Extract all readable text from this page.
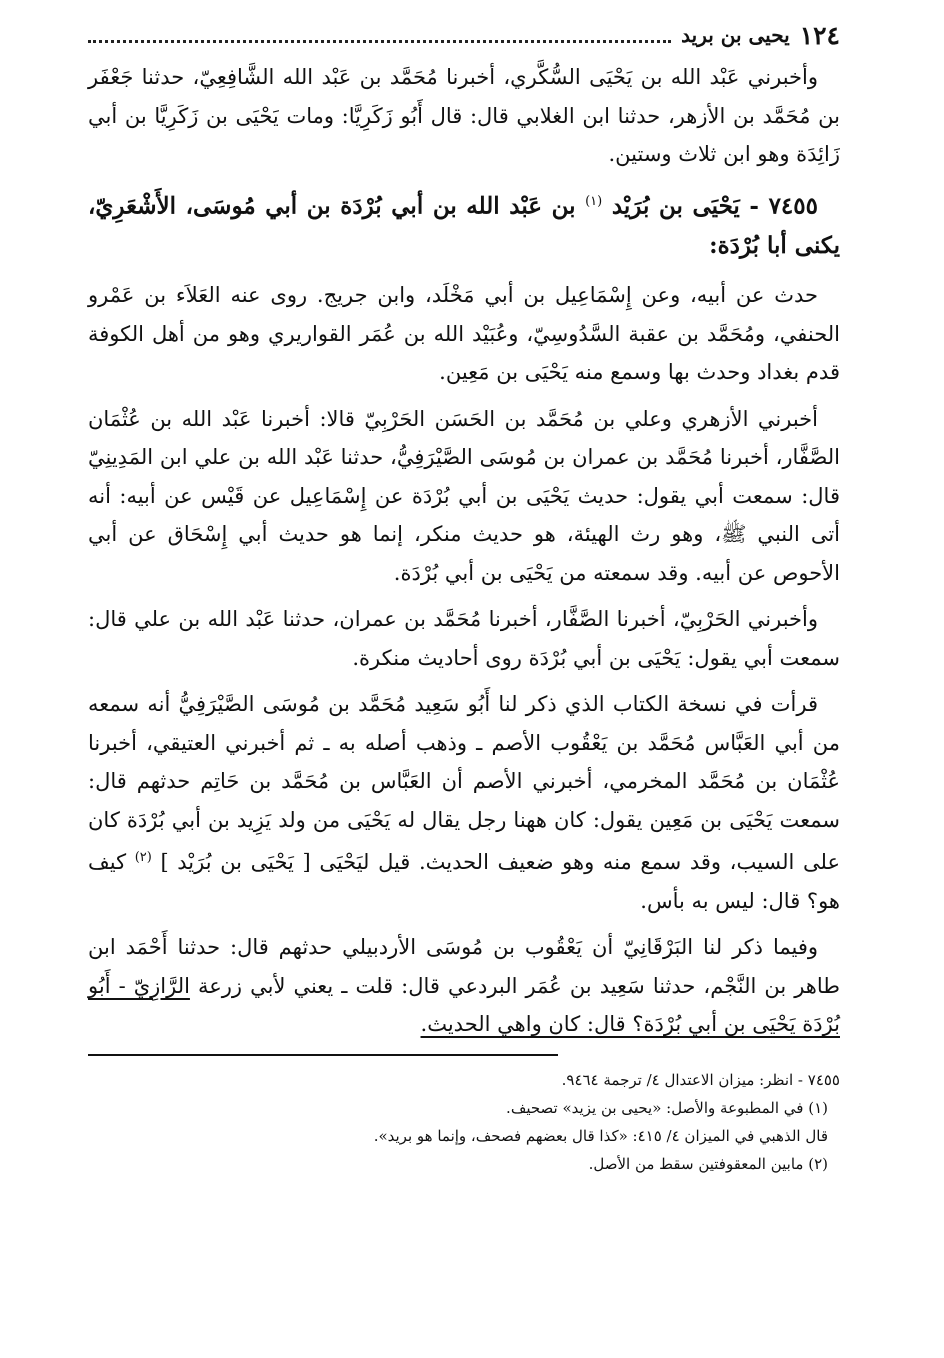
١٢٤
يحيى بن بريد

وأخبرني عَبْد الله بن يَحْيَى السُّكَّري، أخبرنا مُحَمَّد بن عَبْد الله الشَّافِعِيّ، حدثنا جَعْفَر بن مُحَمَّد بن الأزهر، حدثنا ابن الغلابي قال: قال أَبُو زَكَرِيَّا: ومات يَحْيَى بن زَكَرِيَّا بن أبي زَائِدَة وهو ابن ثلاث وستين.

٧٤٥٥ - يَحْيَى بن بُرَيْد $^{(١)}$ بن عَبْد الله بن أبي بُرْدَة بن أبي مُوسَى، الأَشْعَرِيّ، يكنى أبا بُرْدَة:

حدث عن أبيه، وعن إِسْمَاعِيل بن أبي مَخْلَد، وابن جريج. روى عنه العَلاَء بن عَمْرو الحنفي، ومُحَمَّد بن عقبة السَّدُوسِيّ، وعُبَيْد الله بن عُمَر القواريري وهو من أهل الكوفة قدم بغداد وحدث بها وسمع منه يَحْيَى بن مَعِين.

أخبرني الأزهري وعلي بن مُحَمَّد بن الحَسَن الحَرْبِيّ قالا: أخبرنا عَبْد الله بن عُثْمَان الصَّفَّار، أخبرنا مُحَمَّد بن عمران بن مُوسَى الصَّيْرَفِيُّ، حدثنا عَبْد الله بن علي ابن المَدِينِيّ قال: سمعت أبي يقول: حديث يَحْيَى بن أبي بُرْدَة عن إِسْمَاعِيل عن قَيْس عن أبيه: أنه أتى النبي ﷺ، وهو رث الهيئة، هو حديث منكر، إنما هو حديث أبي إِسْحَاق عن أبي الأحوص عن أبيه. وقد سمعته من يَحْيَى بن أبي بُرْدَة.

وأخبرني الحَرْبِيّ، أخبرنا الصَّفَّار، أخبرنا مُحَمَّد بن عمران، حدثنا عَبْد الله بن علي قال: سمعت أبي يقول: يَحْيَى بن أبي بُرْدَة روى أحاديث منكرة.

قرأت في نسخة الكتاب الذي ذكر لنا أَبُو سَعِيد مُحَمَّد بن مُوسَى الصَّيْرَفِيُّ أنه سمعه من أبي العَبَّاس مُحَمَّد بن يَعْقُوب الأصم ـ وذهب أصله به ـ ثم أخبرني العتيقي، أخبرنا عُثْمَان بن مُحَمَّد المخرمي، أخبرني الأصم أن العَبَّاس بن مُحَمَّد بن حَاتِم حدثهم قال: سمعت يَحْيَى بن مَعِين يقول: كان ههنا رجل يقال له يَحْيَى من ولد يَزِيد بن أبي بُرْدَة كان على السيب، وقد سمع منه وهو ضعيف الحديث. قيل ليَحْيَى [ يَحْيَى بن بُرَيْد ] $^{(٢)}$ كيف هو؟ قال: ليس به بأس.

وفيما ذكر لنا البَرْقَانِيّ أن يَعْقُوب بن مُوسَى الأردبيلي حدثهم قال: حدثنا أَحْمَد ابن طاهر بن النَّجْم، حدثنا سَعِيد بن عُمَر البردعي قال: قلت ـ يعني لأبي زرعة الرَّازِيّ - أَبُو بُرْدَة يَحْيَى بن أبي بُرْدَة؟ قال: كان واهي الحديث.

٧٤٥٥ - انظر: ميزان الاعتدال ٤/ ترجمة ٩٤٦٤.

(١) في المطبوعة والأصل: «يحيى بن يزيد» تصحيف.

قال الذهبي في الميزان ٤/ ٤١٥: «كذا قال بعضهم فصحف، وإنما هو بريد».

(٢) مابين المعقوفتين سقط من الأصل.
